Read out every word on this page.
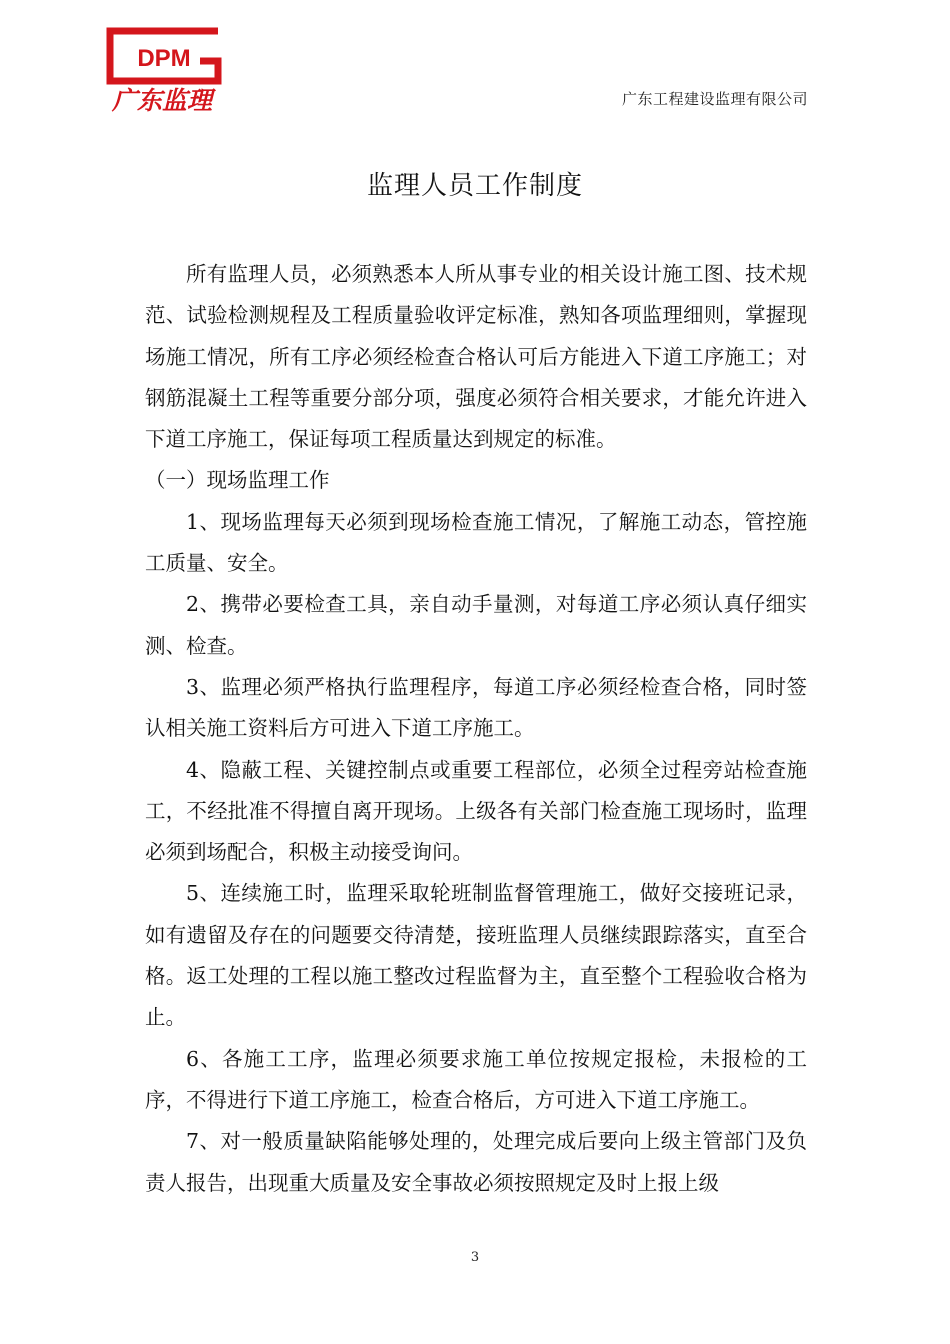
DPM
广东监理	广东工程建设监理有限公司
监理人员工作制度

所有监理人员，必须熟悉本人所从事专业的相关设计施工图、技术规范、试验检测规程及工程质量验收评定标准，熟知各项监理细则，掌握现场施工情况，所有工序必须经检查合格认可后方能进入下道工序施工；对钢筋混凝土工程等重要分部分项，强度必须符合相关要求，才能允许进入下道工序施工，保证每项工程质量达到规定的标准。

（一）现场监理工作

1、现场监理每天必须到现场检查施工情况，了解施工动态，管控施工质量、安全。

2、携带必要检查工具，亲自动手量测，对每道工序必须认真仔细实测、检查。

3、监理必须严格执行监理程序，每道工序必须经检查合格，同时签认相关施工资料后方可进入下道工序施工。

4、隐蔽工程、关键控制点或重要工程部位，必须全过程旁站检查施工，不经批准不得擅自离开现场。上级各有关部门检查施工现场时，监理必须到场配合，积极主动接受询问。

5、连续施工时，监理采取轮班制监督管理施工，做好交接班记录，如有遗留及存在的问题要交待清楚，接班监理人员继续跟踪落实，直至合格。返工处理的工程以施工整改过程监督为主，直至整个工程验收合格为止。

6、各施工工序，监理必须要求施工单位按规定报检，未报检的工序，不得进行下道工序施工，检查合格后，方可进入下道工序施工。

7、对一般质量缺陷能够处理的，处理完成后要向上级主管部门及负责人报告，出现重大质量及安全事故必须按照规定及时上报上级

3
